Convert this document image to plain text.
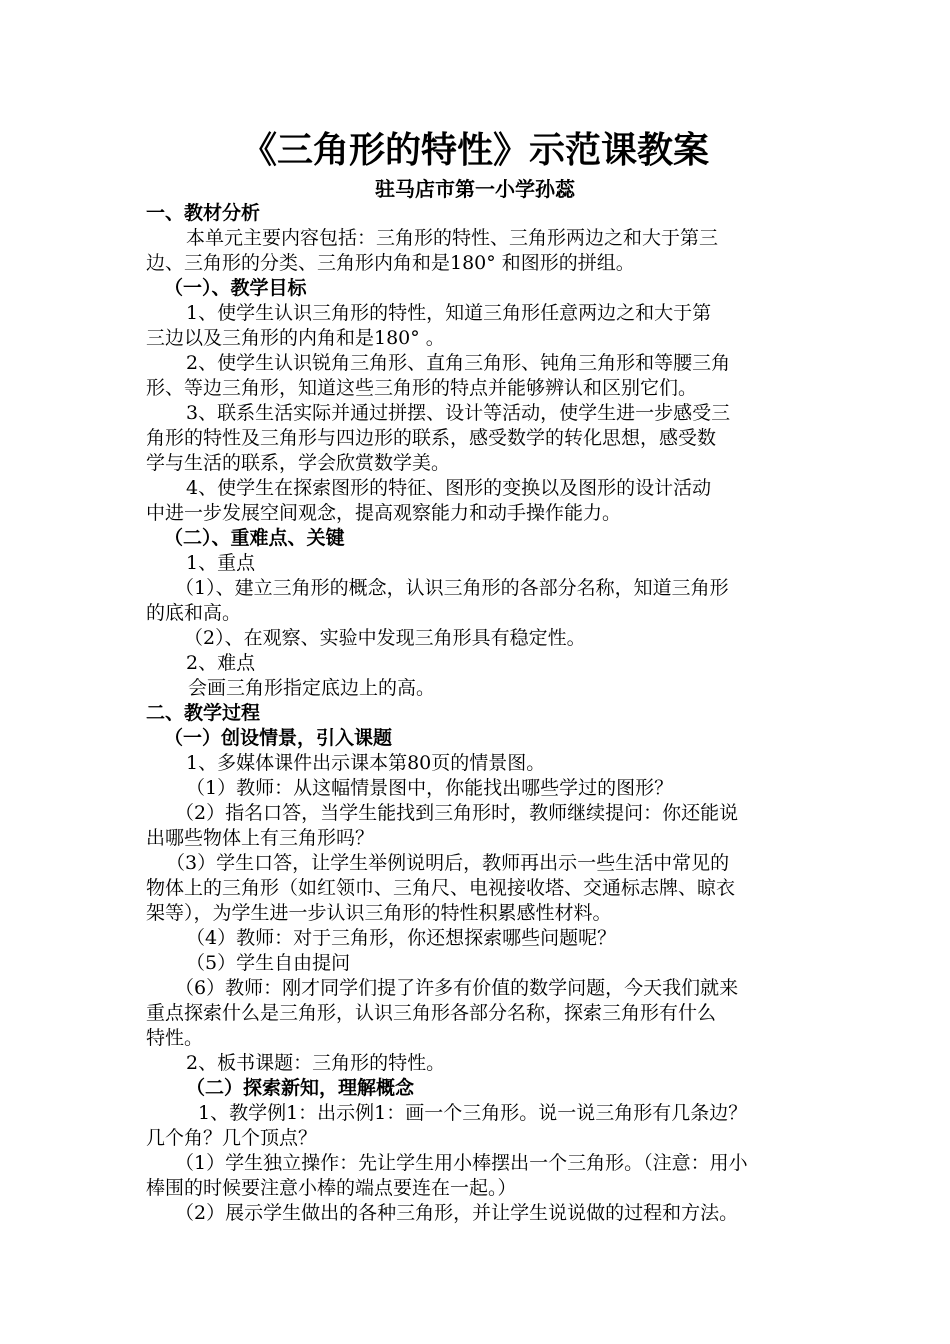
《三角形的特性》示范课教案
驻马店市第一小学孙蕊
一、教材分析
本单元主要内容包括：三角形的特性、三角形两边之和大于第三
边、三角形的分类、三角形内角和是180° 和图形的拼组。
（一）、教学目标
1、使学生认识三角形的特性，知道三角形任意两边之和大于第
三边以及三角形的内角和是180° 。
2、使学生认识锐角三角形、直角三角形、钝角三角形和等腰三角
形、等边三角形，知道这些三角形的特点并能够辨认和区别它们。
3、联系生活实际并通过拼摆、设计等活动，使学生进一步感受三
角形的特性及三角形与四边形的联系，感受数学的转化思想，感受数
学与生活的联系，学会欣赏数学美。
4、使学生在探索图形的特征、图形的变换以及图形的设计活动
中进一步发展空间观念，提高观察能力和动手操作能力。
（二）、重难点、关键
1、重点
（1）、建立三角形的概念，认识三角形的各部分名称，知道三角形
的底和高。
（2）、在观察、实验中发现三角形具有稳定性。
2、难点
会画三角形指定底边上的高。
二、教学过程
（一）创设情景，引入课题
1、多媒体课件出示课本第80页的情景图。
（1）教师：从这幅情景图中，你能找出哪些学过的图形？
（2）指名口答，当学生能找到三角形时，教师继续提问：你还能说
出哪些物体上有三角形吗？
（3）学生口答，让学生举例说明后，教师再出示一些生活中常见的
物体上的三角形（如红领巾、三角尺、电视接收塔、交通标志牌、晾衣
架等），为学生进一步认识三角形的特性积累感性材料。
（4）教师：对于三角形，你还想探索哪些问题呢？
（5）学生自由提问
（6）教师：刚才同学们提了许多有价值的数学问题，今天我们就来
重点探索什么是三角形，认识三角形各部分名称，探索三角形有什么
特性。
2、板书课题：三角形的特性。
（二）探索新知，理解概念
1、教学例1：出示例1：画一个三角形。说一说三角形有几条边？
几个角？几个顶点？
（1）学生独立操作：先让学生用小棒摆出一个三角形。（注意：用小
棒围的时候要注意小棒的端点要连在一起。）
（2）展示学生做出的各种三角形，并让学生说说做的过程和方法。
